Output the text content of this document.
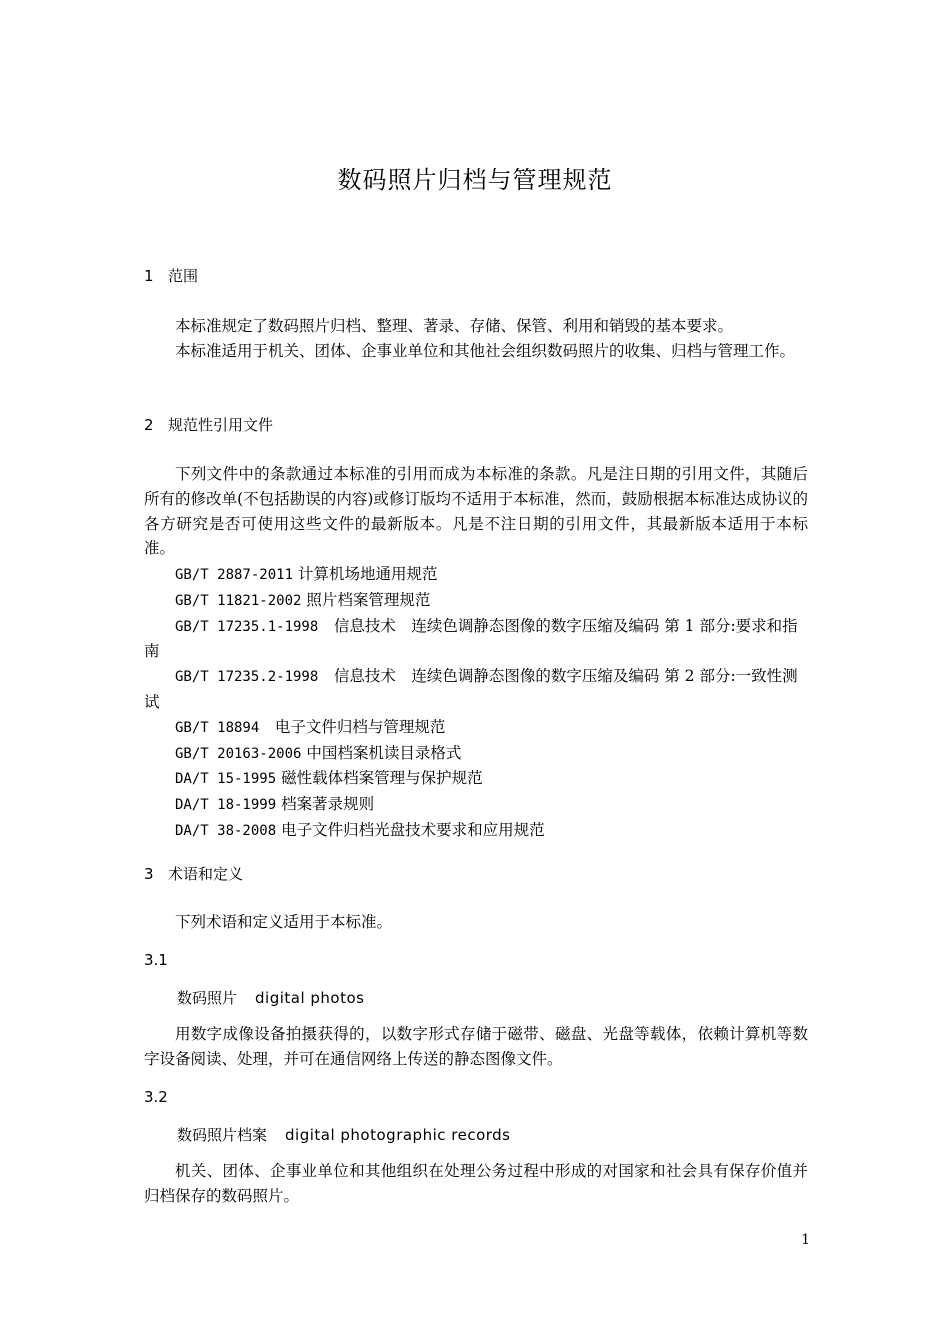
数码照片归档与管理规范
1 范围

本标准规定了数码照片归档、整理、著录、存储、保管、利用和销毁的基本要求。

本标准适用于机关、团体、企事业单位和其他社会组织数码照片的收集、归档与管理工作。

2 规范性引用文件

下列文件中的条款通过本标准的引用而成为本标准的条款。凡是注日期的引用文件，其随后所有的修改单(不包括勘误的内容)或修订版均不适用于本标准，然而，鼓励根据本标准达成协议的各方研究是否可使用这些文件的最新版本。凡是不注日期的引用文件，其最新版本适用于本标准。

GB/T 2887-2011 计算机场地通用规范

GB/T 11821-2002 照片档案管理规范

GB/T 17235.1-1998　 信息技术　连续色调静态图像的数字压缩及编码 第 1 部分:要求和指南

GB/T 17235.2-1998　 信息技术　连续色调静态图像的数字压缩及编码 第 2 部分:一致性测试

GB/T 18894　 电子文件归档与管理规范

GB/T 20163-2006 中国档案机读目录格式

DA/T 15-1995 磁性载体档案管理与保护规范

DA/T 18-1999 档案著录规则

DA/T 38-2008 电子文件归档光盘技术要求和应用规范

3 术语和定义

下列术语和定义适用于本标准。

3.1
数码照片 digital photos

用数字成像设备拍摄获得的，以数字形式存储于磁带、磁盘、光盘等载体，依赖计算机等数字设备阅读、处理，并可在通信网络上传送的静态图像文件。

3.2
数码照片档案 digital photographic records

机关、团体、企事业单位和其他组织在处理公务过程中形成的对国家和社会具有保存价值并归档保存的数码照片。

1
